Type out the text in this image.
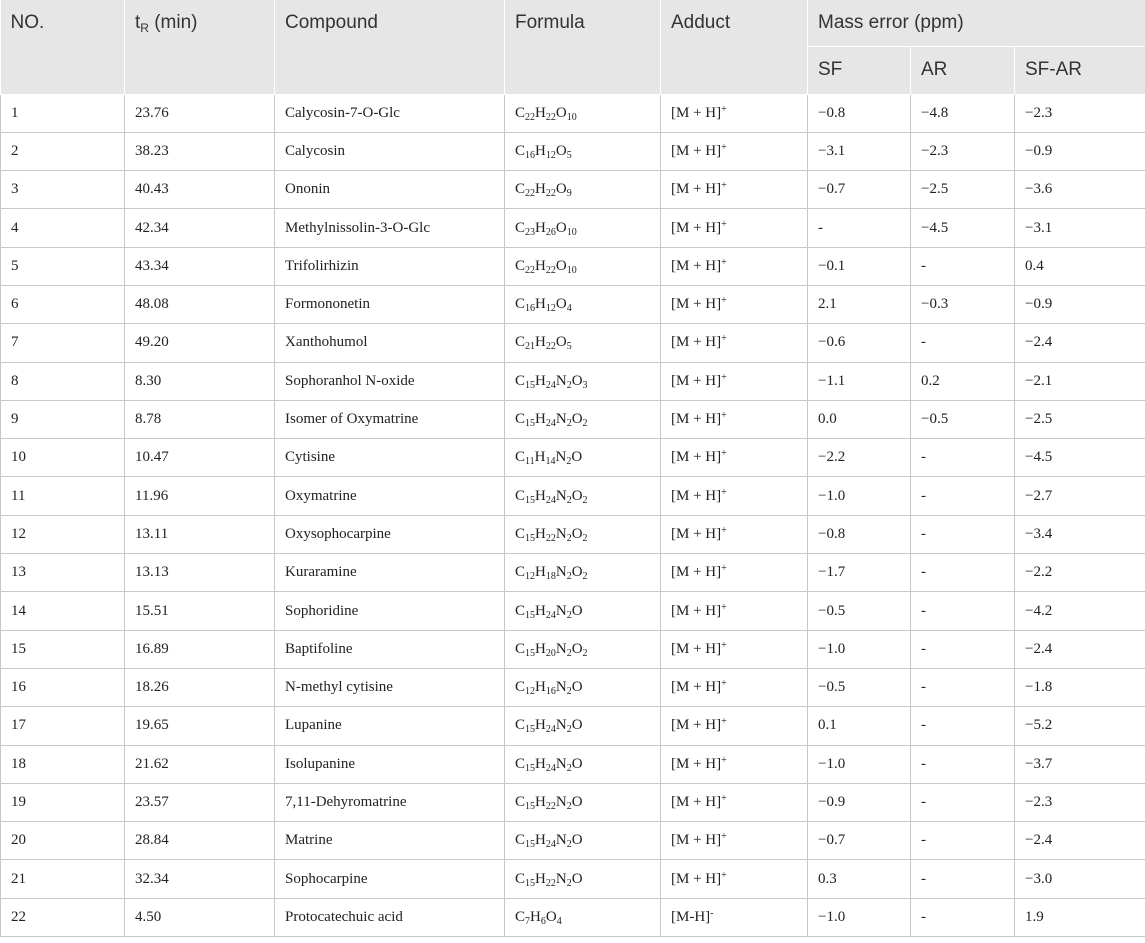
NO.	$t_R$ (min)	Compound	Formula	Adduct	Mass error (ppm)		
					SF	AR	SF-AR
1	23.76	Calycosin-7-O-Glc	$C_{22}H_{22}O_{10}$	[M + H]+	−0.8	−4.8	−2.3
2	38.23	Calycosin	$C_{16}H_{12}O_5$	[M + H]+	−3.1	−2.3	−0.9
3	40.43	Ononin	$C_{22}H_{22}O_9$	[M + H]+	−0.7	−2.5	−3.6
4	42.34	Methylnissolin-3-O-Glc	$C_{23}H_{26}O_{10}$	[M + H]+	-	−4.5	−3.1
5	43.34	Trifolirhizin	$C_{22}H_{22}O_{10}$	[M + H]+	−0.1	-	0.4
6	48.08	Formononetin	$C_{16}H_{12}O_4$	[M + H]+	2.1	−0.3	−0.9
7	49.20	Xanthohumol	$C_{21}H_{22}O_5$	[M + H]+	−0.6	-	−2.4
8	8.30	Sophoranhol N-oxide	$C_{15}H_{24}N_2O_3$	[M + H]+	−1.1	0.2	−2.1
9	8.78	Isomer of Oxymatrine	$C_{15}H_{24}N_2O_2$	[M + H]+	0.0	−0.5	−2.5
10	10.47	Cytisine	$C_{11}H_{14}N_2O$	[M + H]+	−2.2	-	−4.5
11	11.96	Oxymatrine	$C_{15}H_{24}N_2O_2$	[M + H]+	−1.0	-	−2.7
12	13.11	Oxysophocarpine	$C_{15}H_{22}N_2O_2$	[M + H]+	−0.8	-	−3.4
13	13.13	Kuraramine	$C_{12}H_{18}N_2O_2$	[M + H]+	−1.7	-	−2.2
14	15.51	Sophoridine	$C_{15}H_{24}N_2O$	[M + H]+	−0.5	-	−4.2
15	16.89	Baptifoline	$C_{15}H_{20}N_2O_2$	[M + H]+	−1.0	-	−2.4
16	18.26	N-methyl cytisine	$C_{12}H_{16}N_2O$	[M + H]+	−0.5	-	−1.8
17	19.65	Lupanine	$C_{15}H_{24}N_2O$	[M + H]+	0.1	-	−5.2
18	21.62	Isolupanine	$C_{15}H_{24}N_2O$	[M + H]+	−1.0	-	−3.7
19	23.57	7,11-Dehyromatrine	$C_{15}H_{22}N_2O$	[M + H]+	−0.9	-	−2.3
20	28.84	Matrine	$C_{15}H_{24}N_2O$	[M + H]+	−0.7	-	−2.4
21	32.34	Sophocarpine	$C_{15}H_{22}N_2O$	[M + H]+	0.3	-	−3.0
22	4.50	Protocatechuic acid	$C_7H_6O_4$	[M-H]-	−1.0	-	1.9
